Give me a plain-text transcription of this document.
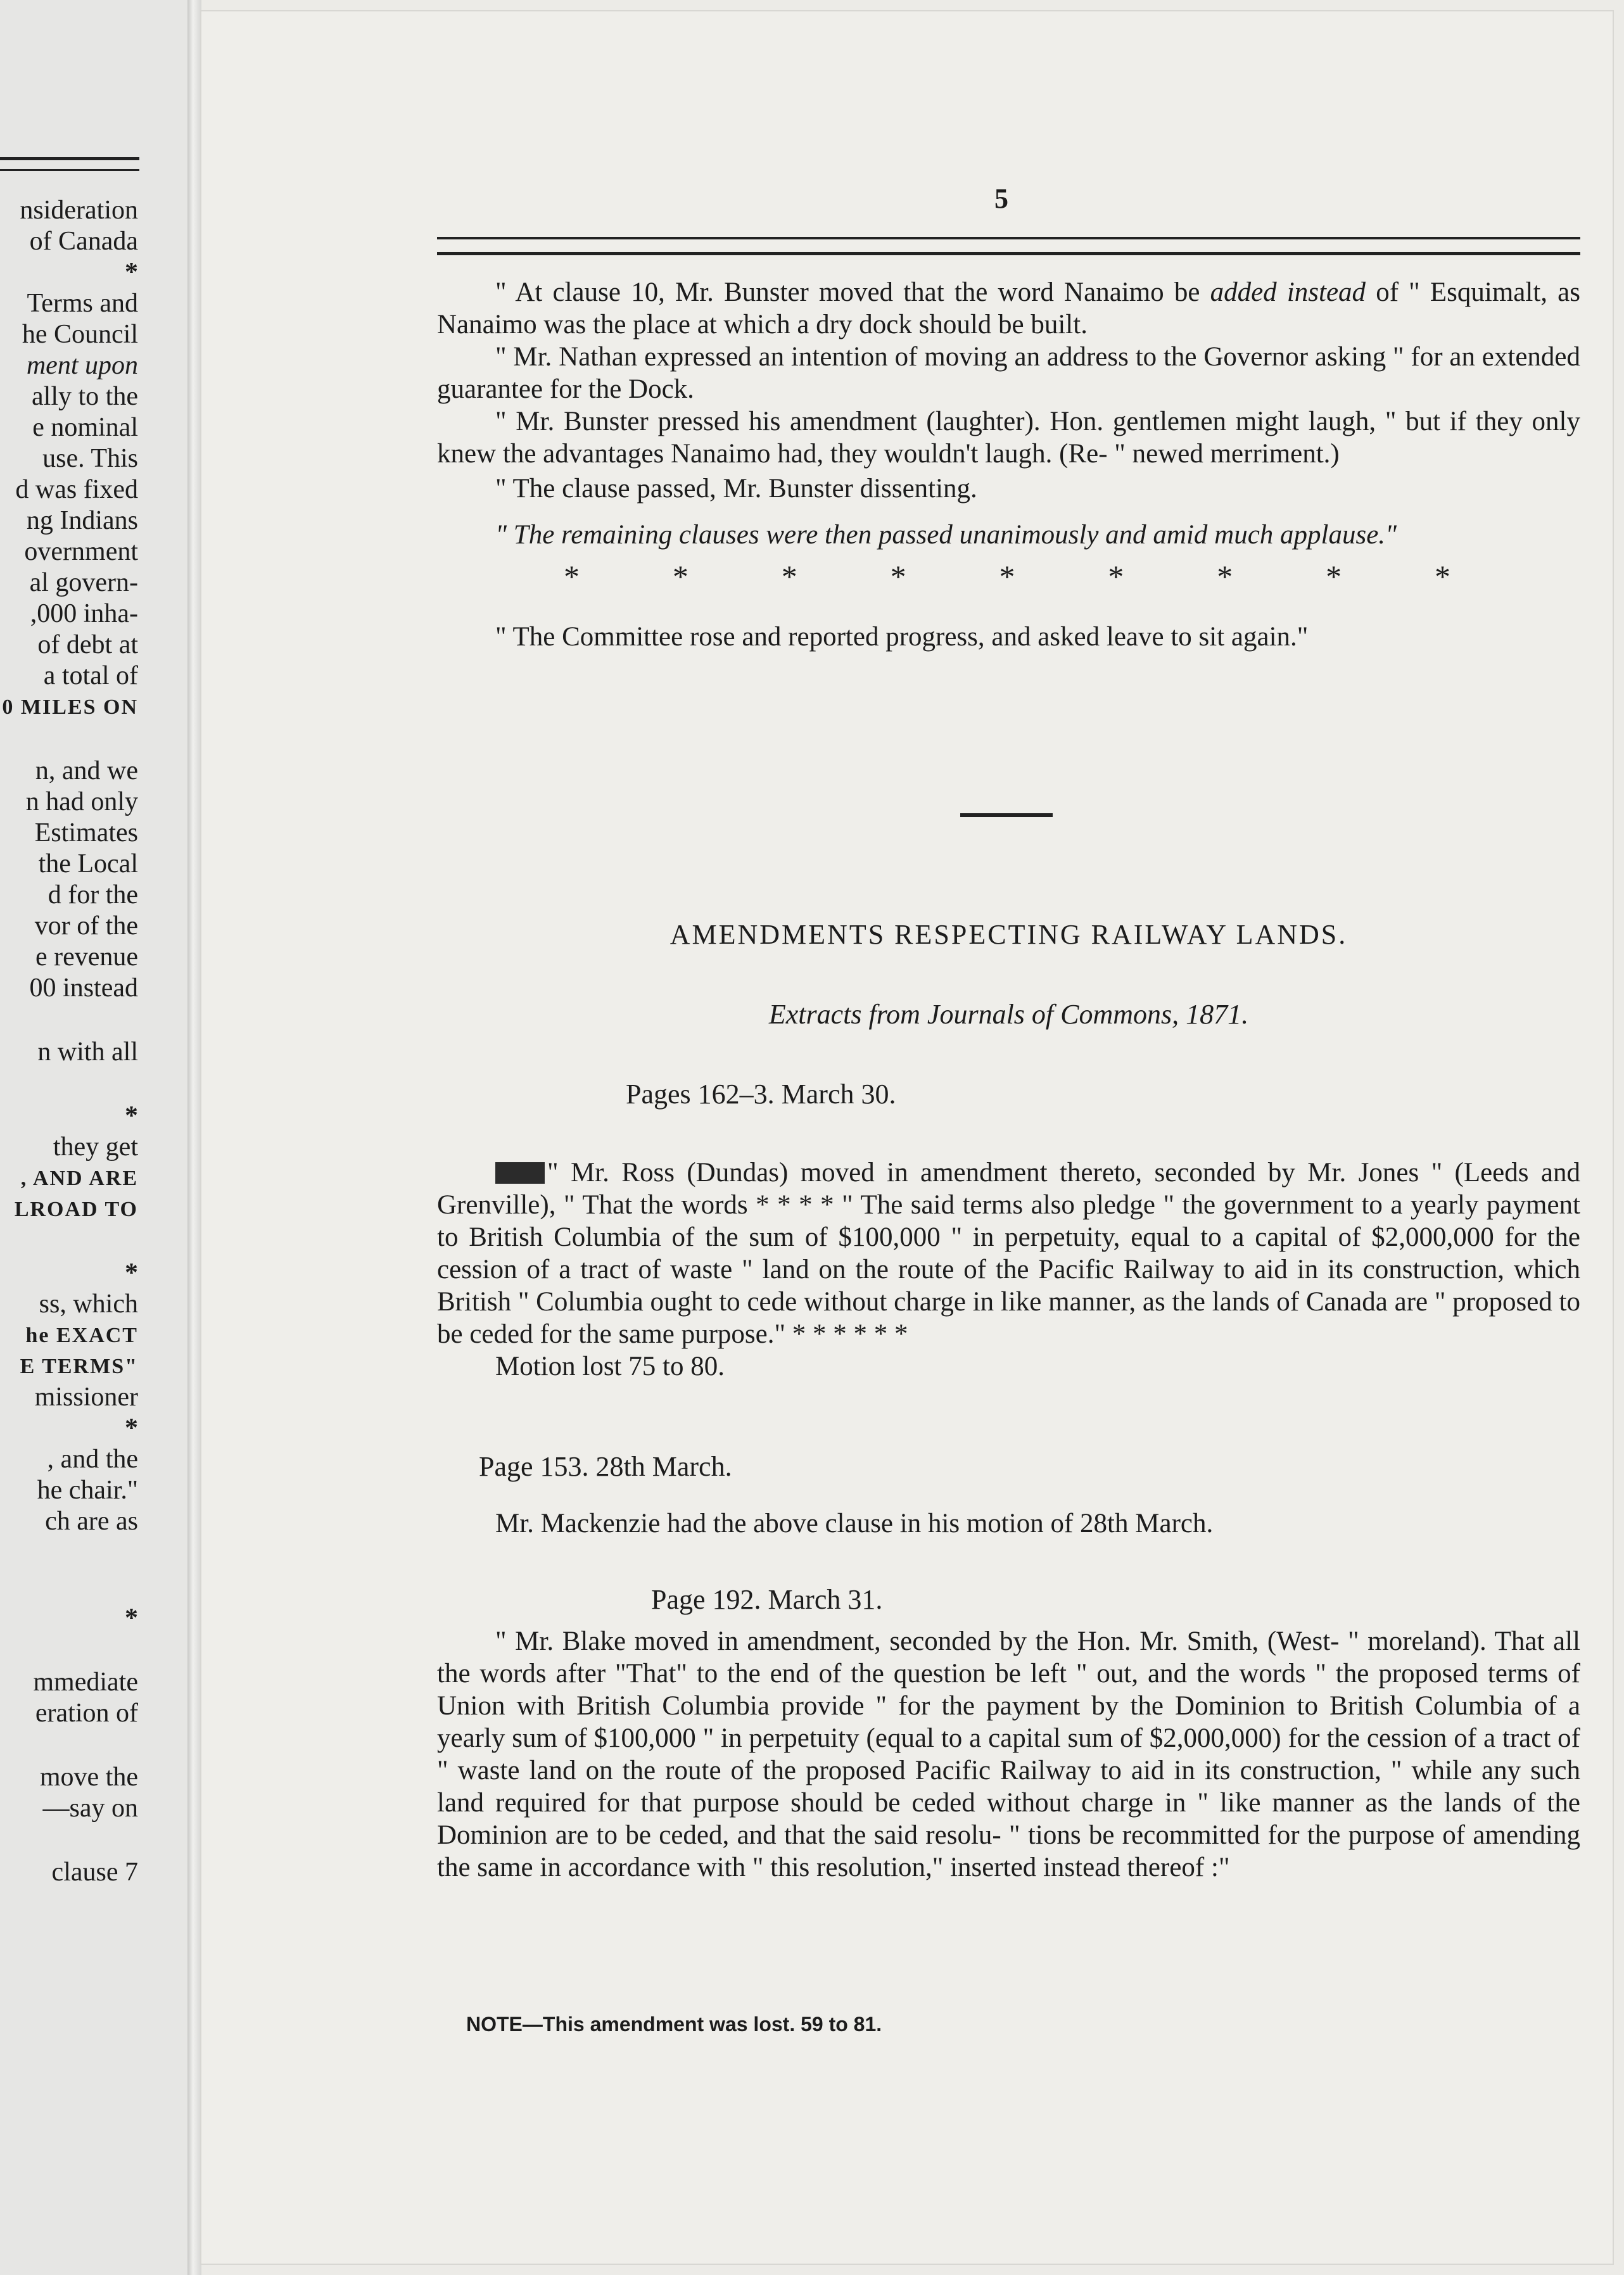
nsideration
of Canada
*
Terms and
he Council
ment upon
ally to the
e nominal
use. This
d was fixed
ng Indians
overnment
al govern-
,000 inha-
of debt at
a total of
0 MILES ON
n, and we
n had only
Estimates
the Local
d for the
vor of the
e revenue
00 instead
n with all
*
they get
, AND ARE
LROAD TO
*
ss, which
he EXACT
E TERMS"
missioner
*
, and the
he chair."
ch are as
*
mmediate
eration of
move the
—say on
clause 7
5

" At clause 10, Mr. Bunster moved that the word Nanaimo be added instead of " Esquimalt, as Nanaimo was the place at which a dry dock should be built.

" Mr. Nathan expressed an intention of moving an address to the Governor asking " for an extended guarantee for the Dock.

" Mr. Bunster pressed his amendment (laughter). Hon. gentlemen might laugh, " but if they only knew the advantages Nanaimo had, they wouldn't laugh. (Re- " newed merriment.)

" The clause passed, Mr. Bunster dissenting.

" The remaining clauses were then passed unanimously and amid much applause."

*	*	*	*	*	*	*	*	*

" The Committee rose and reported progress, and asked leave to sit again."

AMENDMENTS RESPECTING RAILWAY LANDS.
Extracts from Journals of Commons, 1871.
Pages 162–3. March 30.

" Mr. Ross (Dundas) moved in amendment thereto, seconded by Mr. Jones " (Leeds and Grenville), " That the words * * * * " The said terms also pledge " the government to a yearly payment to British Columbia of the sum of $100,000 " in perpetuity, equal to a capital of $2,000,000 for the cession of a tract of waste " land on the route of the Pacific Railway to aid in its construction, which British " Columbia ought to cede without charge in like manner, as the lands of Canada are " proposed to be ceded for the same purpose." * * * * * *

Motion lost 75 to 80.

Page 153. 28th March.

Mr. Mackenzie had the above clause in his motion of 28th March.

Page 192. March 31.

" Mr. Blake moved in amendment, seconded by the Hon. Mr. Smith, (West- " moreland). That all the words after "That" to the end of the question be left " out, and the words " the proposed terms of Union with British Columbia provide " for the payment by the Dominion to British Columbia of a yearly sum of $100,000 " in perpetuity (equal to a capital sum of $2,000,000) for the cession of a tract of " waste land on the route of the proposed Pacific Railway to aid in its construction, " while any such land required for that purpose should be ceded without charge in " like manner as the lands of the Dominion are to be ceded, and that the said resolu- " tions be recommitted for the purpose of amending the same in accordance with " this resolution," inserted instead thereof :"

NOTE—This amendment was lost. 59 to 81.
